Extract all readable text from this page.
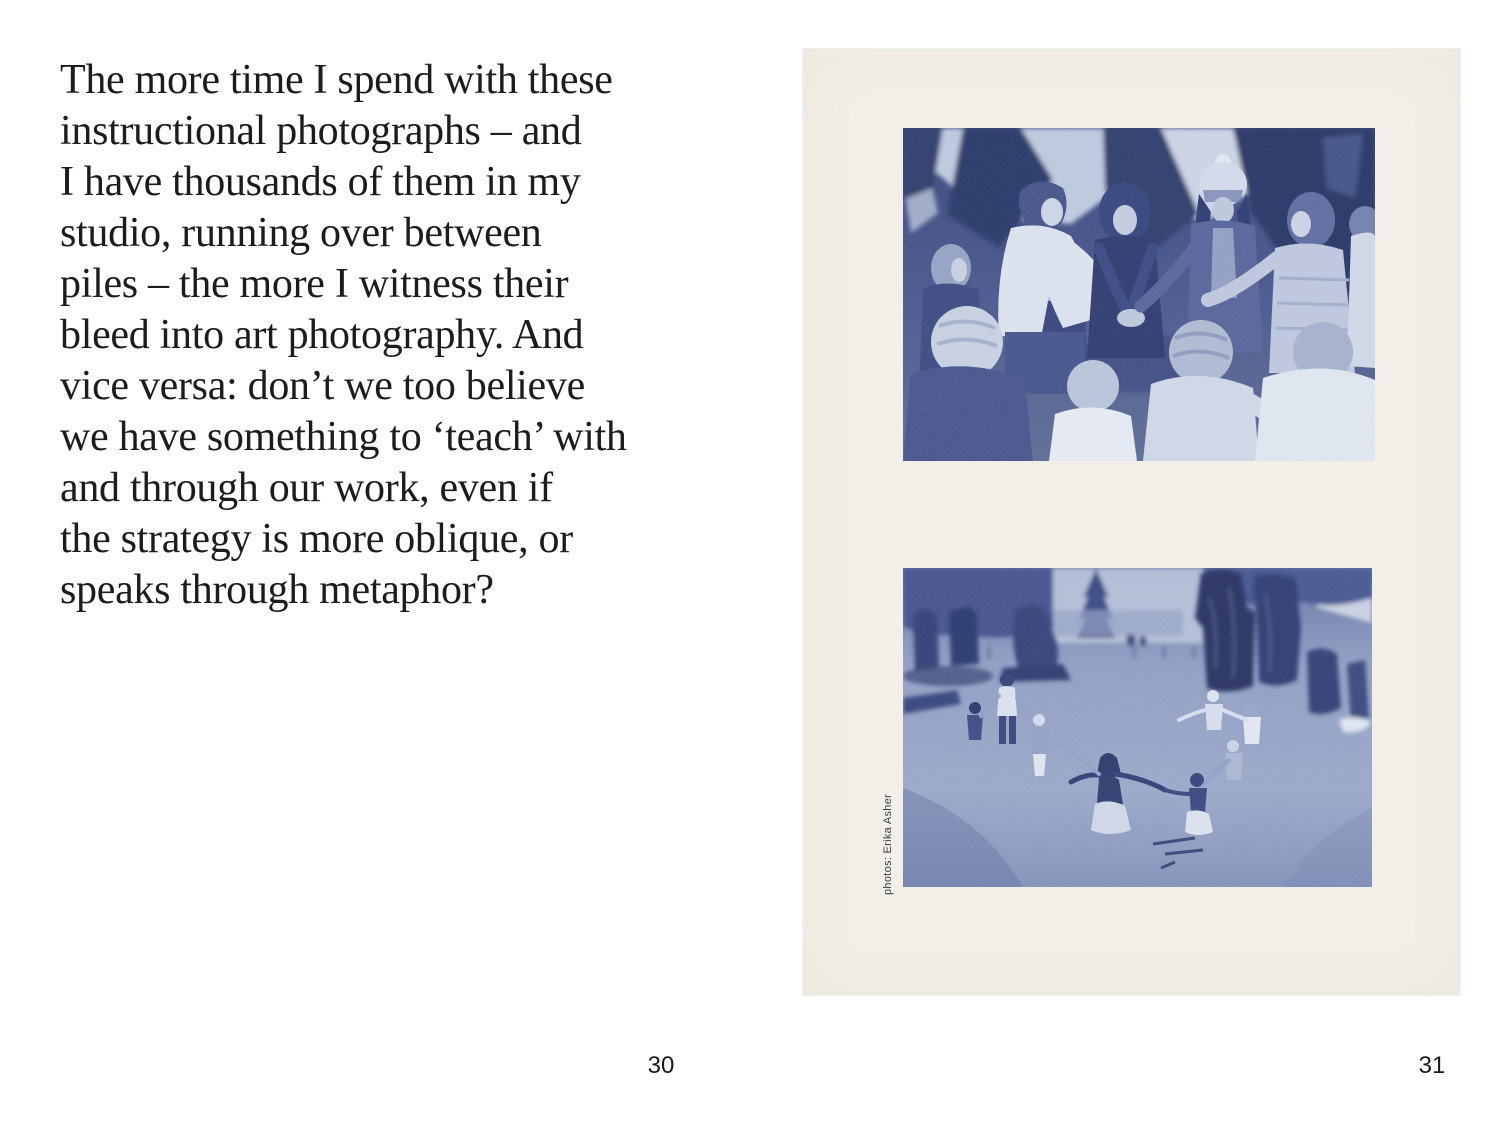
The more time I spend with these
instructional photographs – and
I have thousands of them in my
studio, running over between
piles – the more I witness their
bleed into art photography. And
vice versa: don’t we too believe
we have something to ‘teach’ with
and through our work, even if
the strategy is more oblique, or
speaks through metaphor?
30
photos: Erika Asher
31
